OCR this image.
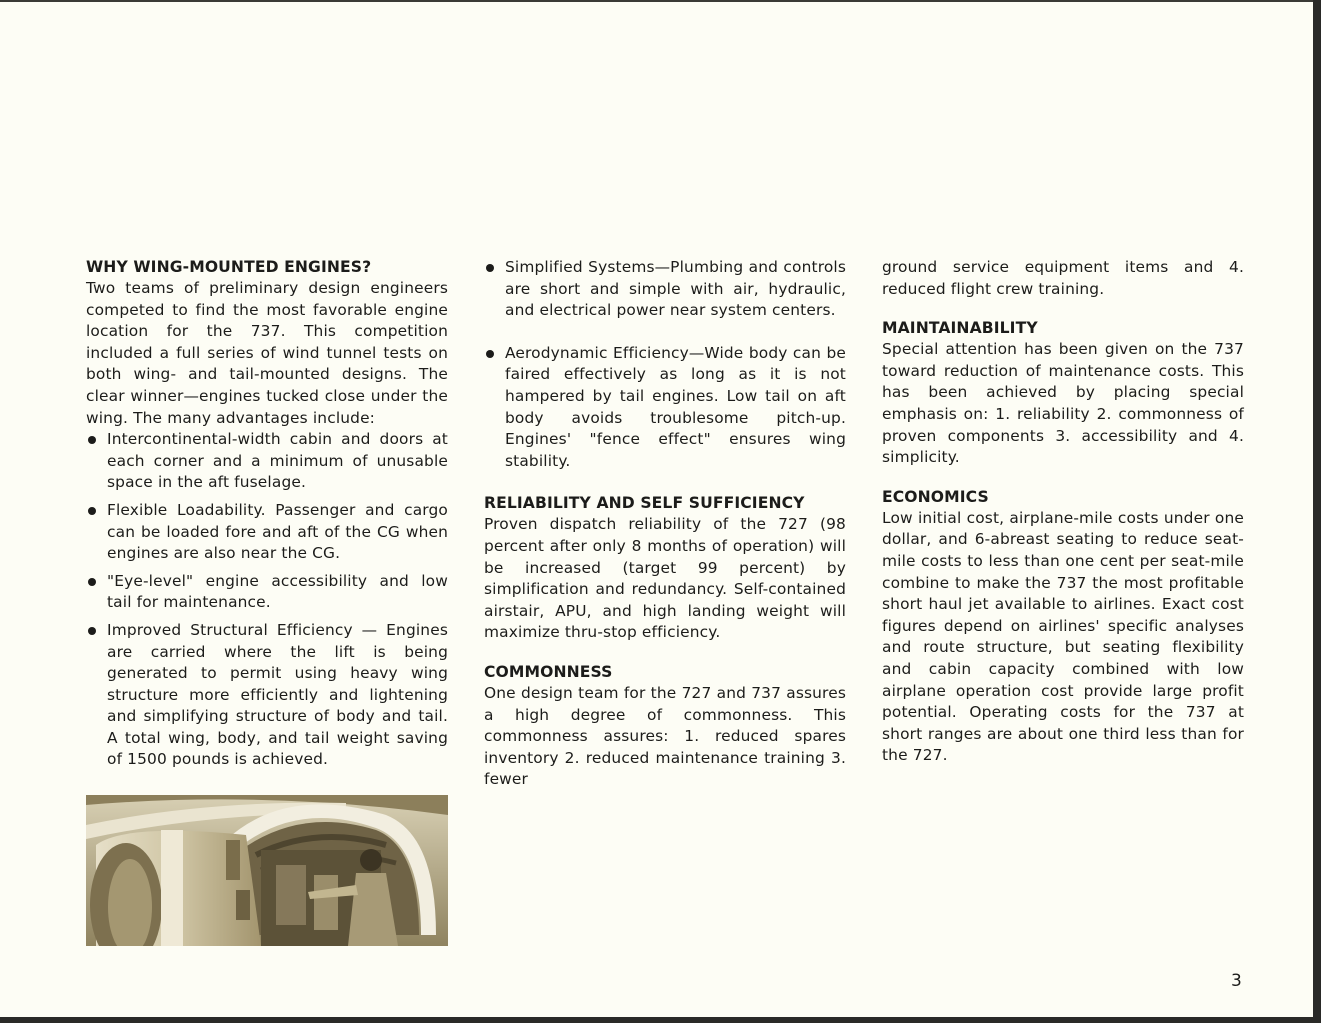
WHY WING-MOUNTED ENGINES?

Two teams of preliminary design engineers competed to find the most favorable engine location for the 737. This competition included a full series of wind tunnel tests on both wing- and tail-mounted designs. The clear winner—engines tucked close under the wing. The many advantages include:

Intercontinental-width cabin and doors at each corner and a minimum of unusable space in the aft fuselage.
Flexible Loadability. Passenger and cargo can be loaded fore and aft of the CG when engines are also near the CG.
"Eye-level" engine accessibility and low tail for maintenance.
Improved Structural Efficiency — Engines are carried where the lift is being generated to permit using heavy wing structure more efficiently and lightening and simplifying structure of body and tail. A total wing, body, and tail weight saving of 1500 pounds is achieved.
Simplified Systems—Plumbing and controls are short and simple with air, hydraulic, and electrical power near system centers.
Aerodynamic Efficiency—Wide body can be faired effectively as long as it is not hampered by tail engines. Low tail on aft body avoids troublesome pitch-up. Engines' "fence effect" ensures wing stability.
RELIABILITY AND SELF SUFFICIENCY

Proven dispatch reliability of the 727 (98 percent after only 8 months of operation) will be increased (target 99 percent) by simplification and redundancy. Self-contained airstair, APU, and high landing weight will maximize thru-stop efficiency.

COMMONNESS

One design team for the 727 and 737 assures a high degree of commonness. This commonness assures: 1. reduced spares inventory 2. reduced maintenance training 3. fewer

ground service equipment items and 4. reduced flight crew training.

MAINTAINABILITY

Special attention has been given on the 737 toward reduction of maintenance costs. This has been achieved by placing special emphasis on: 1. reliability 2. commonness of proven components 3. accessibility and 4. simplicity.

ECONOMICS

Low initial cost, airplane-mile costs under one dollar, and 6-abreast seating to reduce seat-mile costs to less than one cent per seat-mile combine to make the 737 the most profitable short haul jet available to airlines. Exact cost figures depend on airlines' specific analyses and route structure, but seating flexibility and cabin capacity combined with low airplane operation cost provide large profit potential. Operating costs for the 737 at short ranges are about one third less than for the 727.

3
